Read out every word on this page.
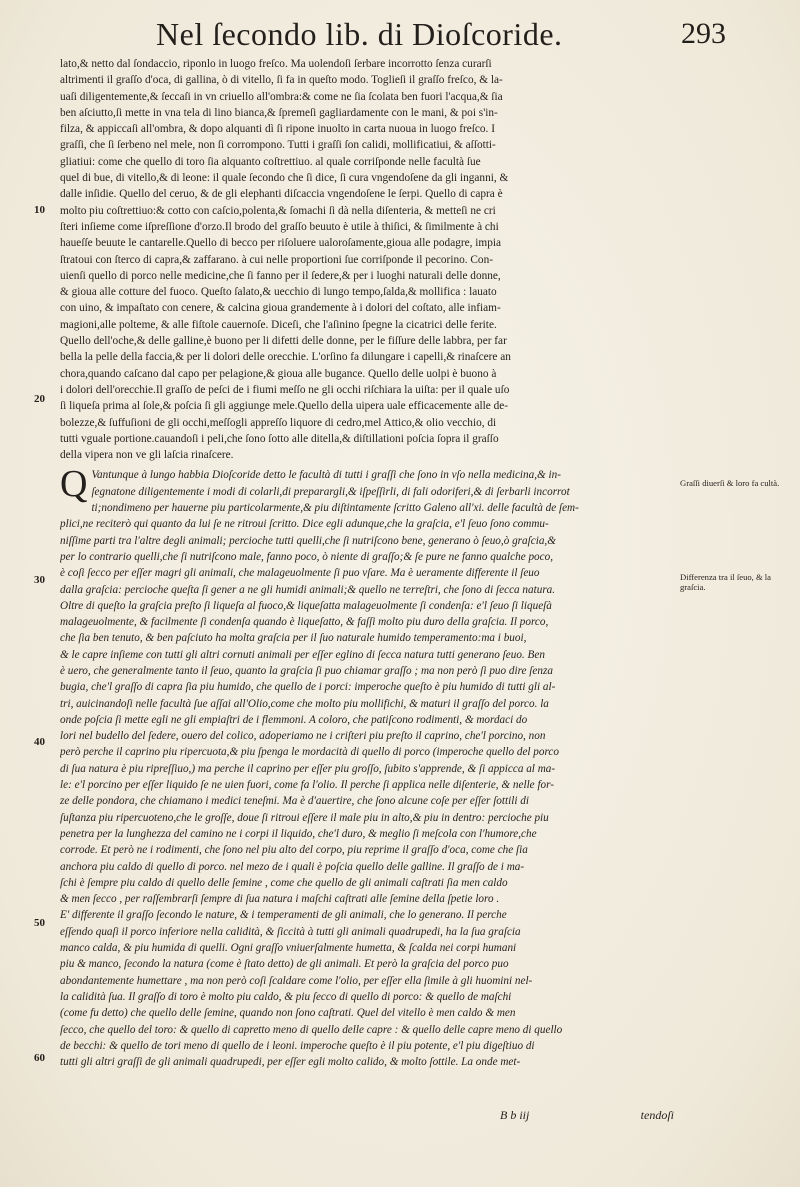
Nel ſecondo lib. di Dioſcoride.	293
lato,& netto dal ſondaccio, riponlo in luogo freſco. Ma uolendoſi ſerbare incorrotto ſenza curarſi
altrimenti il graſſo d'oca, di gallina, ò di vitello, ſi fa in queſto modo. Toglieſi il graſſo freſco, & la-
uaſi diligentemente,& ſeccaſi in vn criuello all'ombra:& come ne ſia ſcolata ben fuori l'acqua,& ſia
ben aſciutto,ſi mette in vna tela di lino bianca,& ſpremeſi gagliardamente con le mani, & poi s'in-
filza, & appiccaſi all'ombra, & dopo alquanti dì ſi ripone inuolto in carta nuoua in luogo freſco. I
graſſi, che ſi ſerbeno nel mele, non ſi corrompono. Tutti i graſſi ſon calidi, mollificatiui, & aſſotti-
gliatiui: come che quello di toro ſia alquanto coſtrettiuo. al quale corriſponde nelle facultà ſue
quel di bue, di vitello,& di leone: il quale ſecondo che ſi dice, ſi cura vngendoſene da gli inganni, &
dalle inſidie. Quello del ceruo, & de gli elephanti diſcaccia vngendoſene le ſerpi. Quello di capra è
molto piu coſtrettiuo:& cotto con caſcio,polenta,& ſomachi ſi dà nella diſenteria, & metteſi ne cri
ſteri inſieme come iſpreſſione d'orzo.Il brodo del graſſo beuuto è utile à thiſici, & ſimilmente à chi
haueſſe beuute le cantarelle.Quello di becco per riſoluere ualoroſamente,gioua alle podagre, impia
ſtratoui con ſterco di capra,& zaffarano. à cui nelle proportioni ſue corriſponde il pecorino. Con-
uienſi quello di porco nelle medicine,che ſi fanno per il ſedere,& per i luoghi naturali delle donne,
& gioua alle cotture del fuoco. Queſto ſalato,& uecchio di lungo tempo,ſalda,& mollifica : lauato
con uino, & impaſtato con cenere, & calcina gioua grandemente à i dolori del coſtato, alle infiam-
magioni,alle polteme, & alle fiſtole cauernoſe. Diceſi, che l'aſinino ſpegne la cicatrici delle ferite.
Quello dell'oche,& delle galline,è buono per li difetti delle donne, per le fiſſure delle labbra, per far
bella la pelle della faccia,& per li dolori delle orecchie. L'orſino fa dilungare i capelli,& rinaſcere an
chora,quando caſcano dal capo per pelagione,& gioua alle bugance. Quello delle uolpi è buono à
i dolori dell'orecchie.Il graſſo de peſci de i fiumi meſſo ne gli occhi riſchiara la uiſta: per il quale uſo
ſi liqueſa prima al ſole,& poſcia ſi gli aggiunge mele.Quello della uipera uale efficacemente alle de-
bolezze,& ſuffuſioni de gli occhi,meſſogli appreſſo liquore di cedro,mel Attico,& olio vecchio, di
tutti vguale portione.cauandoſi i peli,che ſono ſotto alle ditella,& diſtillationi poſcia ſopra il graſſo
della vipera non ve gli laſcia rinaſcere.
Q Vantunque à lungo habbia Dioſcoride detto le facultà di tutti i graſſi che ſono in vſo nella medicina,& in-
ſegnatone diligentemente i modi di colarli,di preparargli,& iſpeſſirli, di fali odoriferi,& di ſerbarli incorrot
ti;nondimeno per hauerne piu particolarmente,& piu diſtintamente ſcritto Galeno all'xi. delle facultà de ſem-
plici,ne reciterò qui quanto da lui ſe ne ritroui ſcritto. Dice egli adunque,che la graſcia, e'l ſeuo ſono commu-
niſſime parti tra l'altre degli animali; percioche tutti quelli,che ſi nutriſcono bene, generano ò ſeuo,ò graſcia,&
per lo contrario quelli,che ſi nutriſcono male, fanno poco, ò niente di graſſo;& ſe pure ne fanno qualche poco,
è coſi ſecco per eſſer magri gli animali, che malageuolmente ſi puo vſare. Ma è ueramente differente il ſeuo
dalla graſcia: percioche queſta ſi gener a ne gli humidi animali;& quello ne terreſtri, che ſono di ſecca natura.
Oltre di queſto la graſcia preſto ſi liqueſa al fuoco,& liqueſatta malageuolmente ſi condenſa: e'l ſeuo ſi liqueſà
malageuolmente, & facilmente ſi condenſa quando è liqueſatto, & faſſi molto piu duro della graſcia. Il porco,
che ſia ben tenuto, & ben paſciuto ha molta graſcia per il ſuo naturale humido temperamento:ma i buoi,
& le capre inſieme con tutti gli altri cornuti animali per eſſer eglino di ſecca natura tutti generano ſeuo. Ben
è uero, che generalmente tanto il ſeuo, quanto la graſcia ſi puo chiamar graſſo ; ma non però ſi puo dire ſenza
bugia, che'l graſſo di capra ſia piu humido, che quello de i porci: imperoche queſto è piu humido di tutti gli al-
tri, auicinandoſi nelle facultà ſue aſſai all'Olio,come che molto piu mollifichi, & maturi il graſſo del porco. la
onde poſcia ſi mette egli ne gli empiaſtri de i flemmoni. A coloro, che patiſcono rodimenti, & mordaci do
lori nel budello del ſedere, ouero del colico, adoperiamo ne i criſteri piu preſto il caprino, che'l porcino, non
però perche il caprino piu ripercuota,& piu ſpenga le mordacità di quello di porco (imperoche quello del porco
di ſua natura è piu ripreſſiuo,) ma perche il caprino per eſſer piu groſſo, ſubito s'apprende, & ſi appicca al ma-
le: e'l porcino per eſſer liquido ſe ne uien fuori, come fa l'olio. Il perche ſi applica nelle diſenterie, & nelle for-
ze delle pondora, che chiamano i medici teneſmi. Ma è d'auertire, che ſono alcune coſe per eſſer ſottili di
ſuſtanza piu ripercuoteno,che le groſſe, doue ſi ritroui eſſere il male piu in alto,& piu in dentro: percioche piu
penetra per la lunghezza del camino ne i corpi il liquido, che'l duro, & meglio ſi meſcola con l'humore,che
corrode. Et però ne i rodimenti, che ſono nel piu alto del corpo, piu reprime il graſſo d'oca, come che ſia
anchora piu caldo di quello di porco. nel mezo de i quali è poſcia quello delle galline. Il graſſo de i ma-
ſchi è ſempre piu caldo di quello delle ſemine , come che quello de gli animali caſtrati ſia men caldo
& men ſecco , per raſſembrarſi ſempre di ſua natura i maſchi caſtrati alle ſemine della ſpetie loro .
E' differente il graſſo ſecondo le nature, & i temperamenti de gli animali, che lo generano. Il perche
eſſendo quaſi il porco inferiore nella calidità, & ſiccità à tutti gli animali quadrupedi, ha la ſua graſcia
manco calda, & piu humida di quelli. Ogni graſſo vniuerſalmente humetta, & ſcalda nei corpi humani
piu & manco, ſecondo la natura (come è ſtato detto) de gli animali. Et però la graſcia del porco puo
abondantemente humettare , ma non però coſi ſcaldare come l'olio, per eſſer ella ſimile à gli huomini nel-
la calidità ſua. Il graſſo di toro è molto piu caldo, & piu ſecco di quello di porco: & quello de maſchi
(come fu detto) che quello delle ſemine, quando non ſono caſtrati. Quel del vitello è men caldo & men
ſecco, che quello del toro: & quello di capretto meno di quello delle capre : & quello delle capre meno di quello
de becchi: & quello de tori meno di quello de i leoni. imperoche queſto è il piu potente, e'l piu digeſtiuo di
tutti gli altri graſſi de gli animali quadrupedi, per eſſer egli molto calido, & molto ſottile. La onde met-
10
20
30
40
50
60
Graſſi diuerſi & loro fa cultà.
Differenza tra il ſeuo, & la graſcia.
B b iij	tendoſi
